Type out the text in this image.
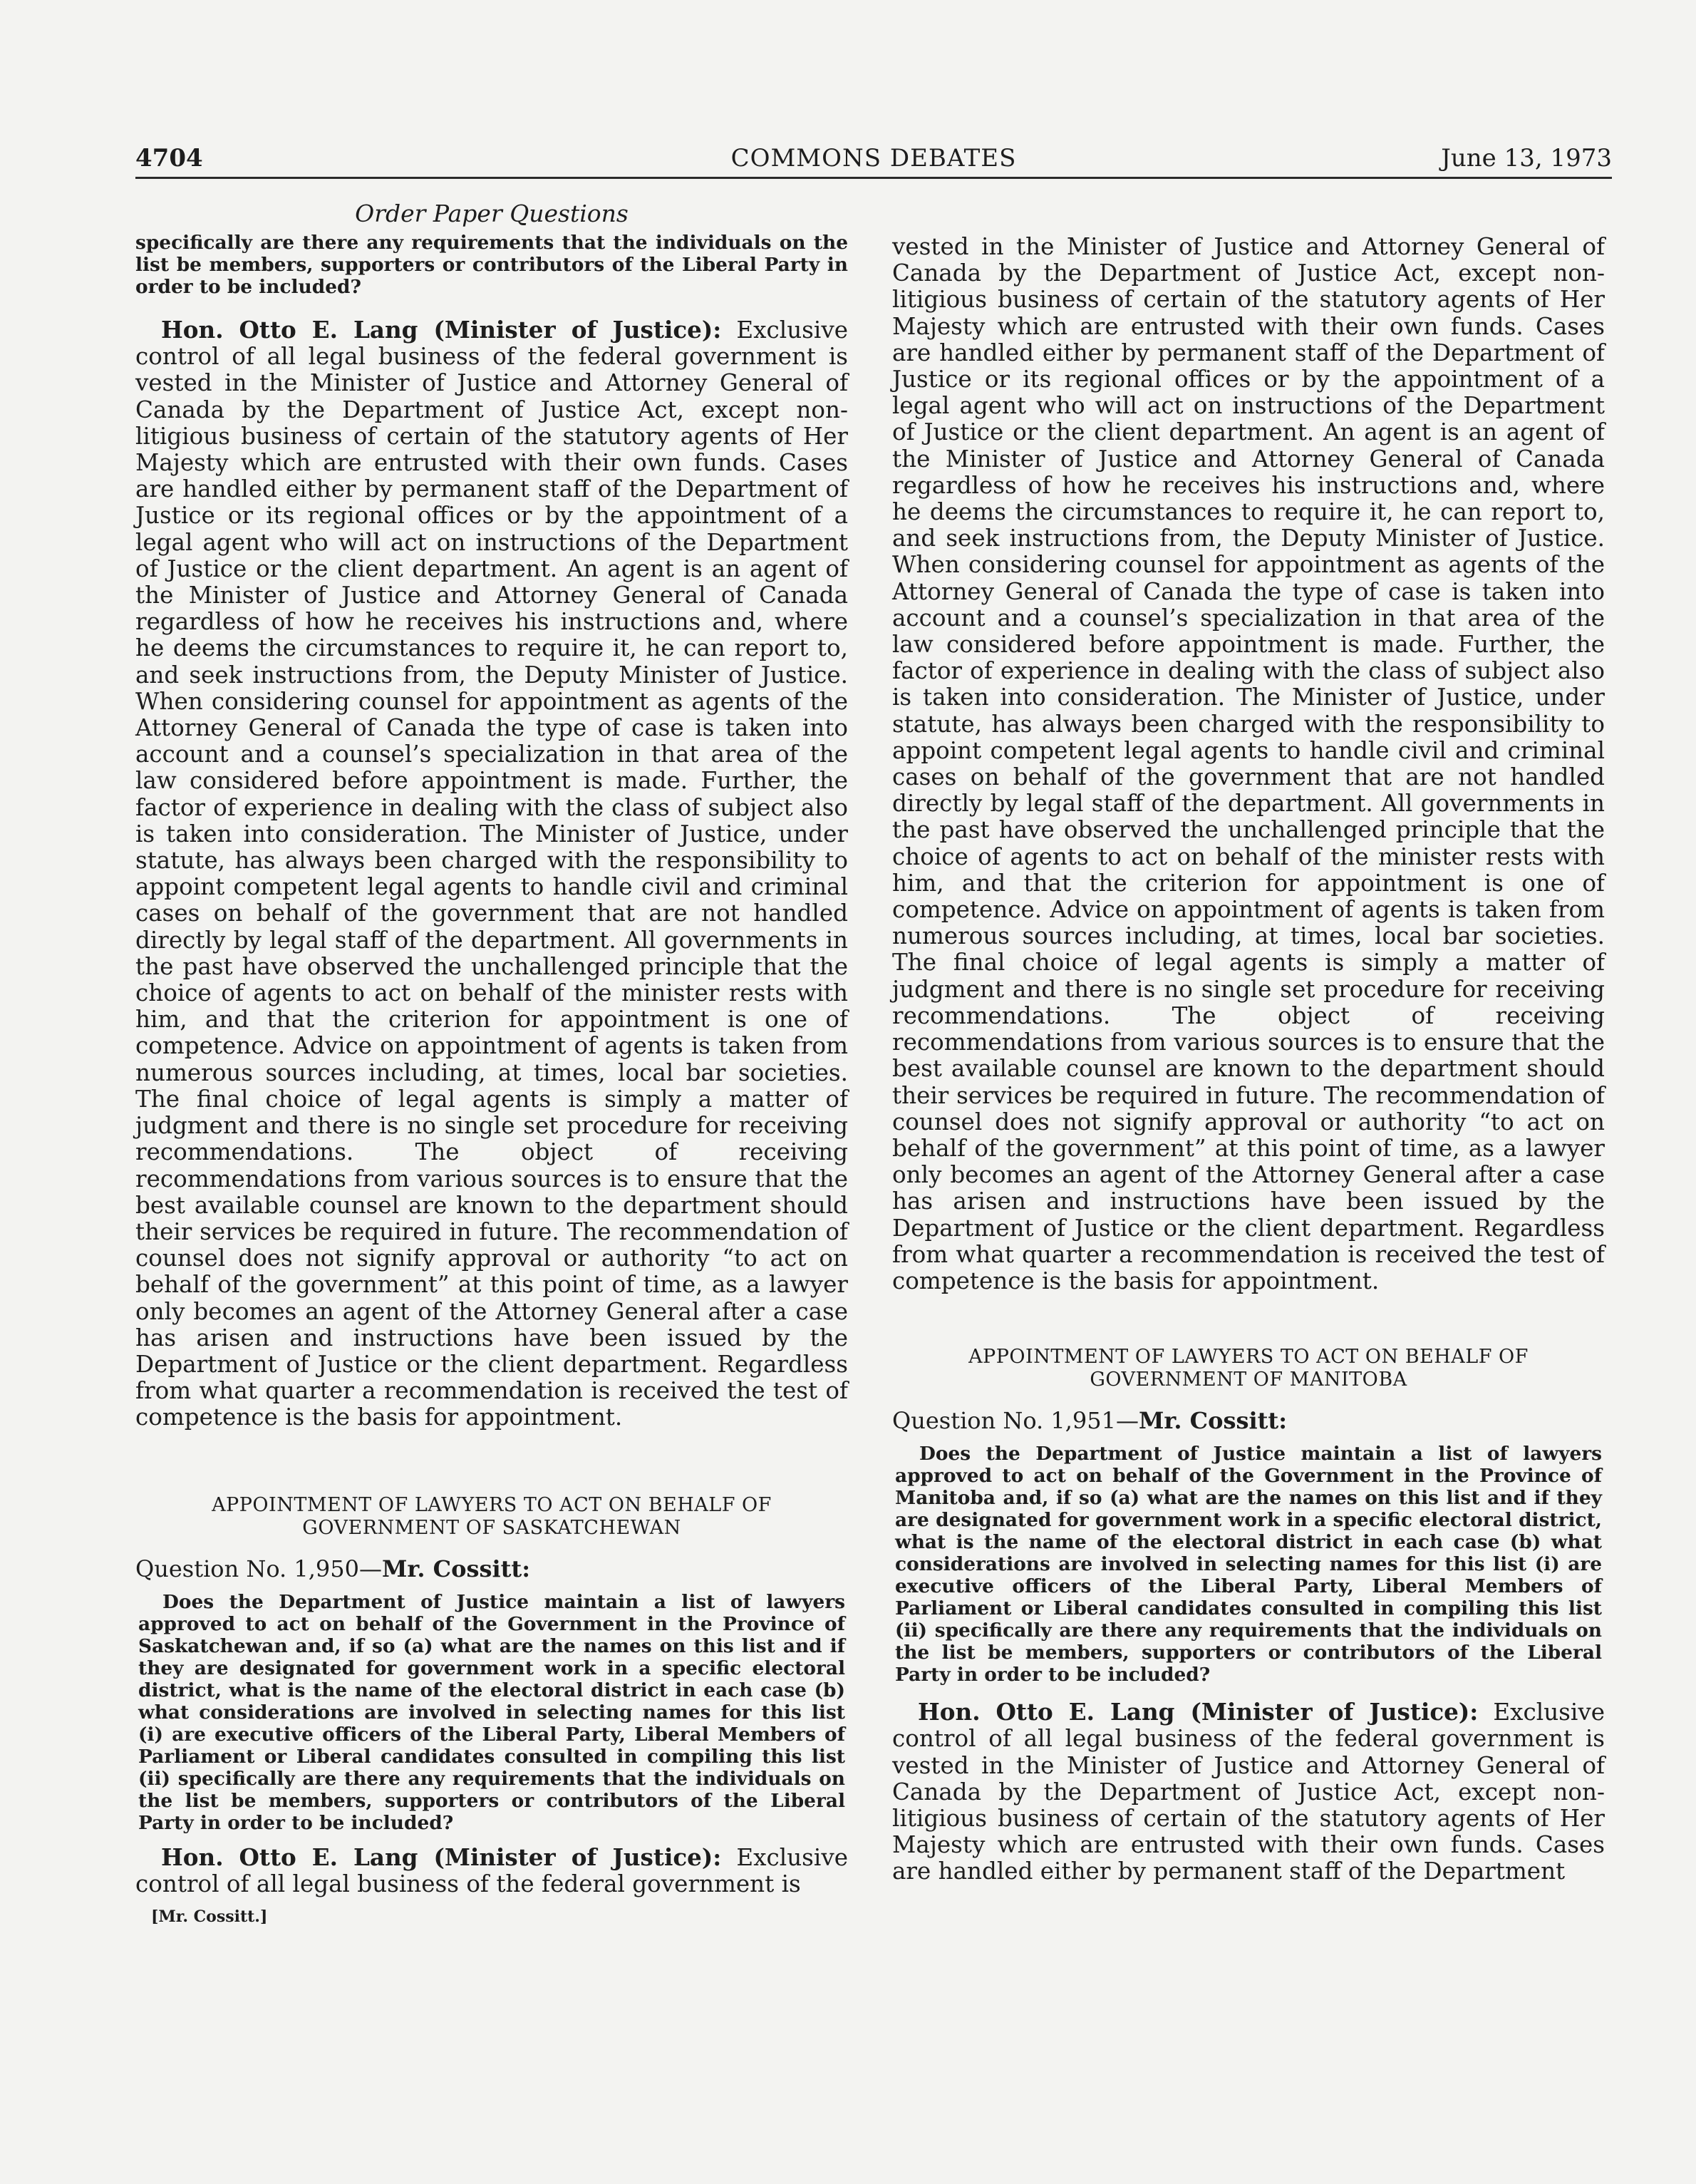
4704	COMMONS DEBATES	June 13, 1973
Order Paper Questions

specifically are there any requirements that the individuals on the list be members, supporters or contributors of the Liberal Party in order to be included?

Hon. Otto E. Lang (Minister of Justice): Exclusive control of all legal business of the federal government is vested in the Minister of Justice and Attorney General of Canada by the Department of Justice Act, except non-litigious business of certain of the statutory agents of Her Majesty which are entrusted with their own funds. Cases are handled either by permanent staff of the Department of Justice or its regional offices or by the appointment of a legal agent who will act on instructions of the Department of Justice or the client department. An agent is an agent of the Minister of Justice and Attorney General of Canada regardless of how he receives his instructions and, where he deems the circumstances to require it, he can report to, and seek instructions from, the Deputy Minister of Justice. When considering counsel for appointment as agents of the Attorney General of Canada the type of case is taken into account and a counsel’s specialization in that area of the law considered before appointment is made. Further, the factor of experience in dealing with the class of subject also is taken into consideration. The Minister of Justice, under statute, has always been charged with the responsibility to appoint competent legal agents to handle civil and criminal cases on behalf of the government that are not handled directly by legal staff of the department. All governments in the past have observed the unchallenged principle that the choice of agents to act on behalf of the minister rests with him, and that the criterion for appointment is one of competence. Advice on appointment of agents is taken from numerous sources including, at times, local bar societies. The final choice of legal agents is simply a matter of judgment and there is no single set procedure for receiving recommendations. The object of receiving recommendations from various sources is to ensure that the best available counsel are known to the department should their services be required in future. The recommendation of counsel does not signify approval or authority “to act on behalf of the government” at this point of time, as a lawyer only becomes an agent of the Attorney General after a case has arisen and instructions have been issued by the Department of Justice or the client department. Regardless from what quarter a recommendation is received the test of competence is the basis for appointment.

APPOINTMENT OF LAWYERS TO ACT ON BEHALF OF GOVERNMENT OF SASKATCHEWAN
Question No. 1,950—Mr. Cossitt:

Does the Department of Justice maintain a list of lawyers approved to act on behalf of the Government in the Province of Saskatchewan and, if so (a) what are the names on this list and if they are designated for government work in a specific electoral district, what is the name of the electoral district in each case (b) what considerations are involved in selecting names for this list (i) are executive officers of the Liberal Party, Liberal Members of Parliament or Liberal candidates consulted in compiling this list (ii) specifically are there any requirements that the individuals on the list be members, supporters or contributors of the Liberal Party in order to be included?

Hon. Otto E. Lang (Minister of Justice): Exclusive control of all legal business of the federal government is

[Mr. Cossitt.]

vested in the Minister of Justice and Attorney General of Canada by the Department of Justice Act, except non-litigious business of certain of the statutory agents of Her Majesty which are entrusted with their own funds. Cases are handled either by permanent staff of the Department of Justice or its regional offices or by the appointment of a legal agent who will act on instructions of the Department of Justice or the client department. An agent is an agent of the Minister of Justice and Attorney General of Canada regardless of how he receives his instructions and, where he deems the circumstances to require it, he can report to, and seek instructions from, the Deputy Minister of Justice. When considering counsel for appointment as agents of the Attorney General of Canada the type of case is taken into account and a counsel’s specialization in that area of the law considered before appointment is made. Further, the factor of experience in dealing with the class of subject also is taken into consideration. The Minister of Justice, under statute, has always been charged with the responsibility to appoint competent legal agents to handle civil and criminal cases on behalf of the government that are not handled directly by legal staff of the department. All governments in the past have observed the unchallenged principle that the choice of agents to act on behalf of the minister rests with him, and that the criterion for appointment is one of competence. Advice on appointment of agents is taken from numerous sources including, at times, local bar societies. The final choice of legal agents is simply a matter of judgment and there is no single set procedure for receiving recommendations. The object of receiving recommendations from various sources is to ensure that the best available counsel are known to the department should their services be required in future. The recommendation of counsel does not signify approval or authority “to act on behalf of the government” at this point of time, as a lawyer only becomes an agent of the Attorney General after a case has arisen and instructions have been issued by the Department of Justice or the client department. Regardless from what quarter a recommendation is received the test of competence is the basis for appointment.

APPOINTMENT OF LAWYERS TO ACT ON BEHALF OF GOVERNMENT OF MANITOBA
Question No. 1,951—Mr. Cossitt:

Does the Department of Justice maintain a list of lawyers approved to act on behalf of the Government in the Province of Manitoba and, if so (a) what are the names on this list and if they are designated for government work in a specific electoral district, what is the name of the electoral district in each case (b) what considerations are involved in selecting names for this list (i) are executive officers of the Liberal Party, Liberal Members of Parliament or Liberal candidates consulted in compiling this list (ii) specifically are there any requirements that the individuals on the list be members, supporters or contributors of the Liberal Party in order to be included?

Hon. Otto E. Lang (Minister of Justice): Exclusive control of all legal business of the federal government is vested in the Minister of Justice and Attorney General of Canada by the Department of Justice Act, except non-litigious business of certain of the statutory agents of Her Majesty which are entrusted with their own funds. Cases are handled either by permanent staff of the Department
